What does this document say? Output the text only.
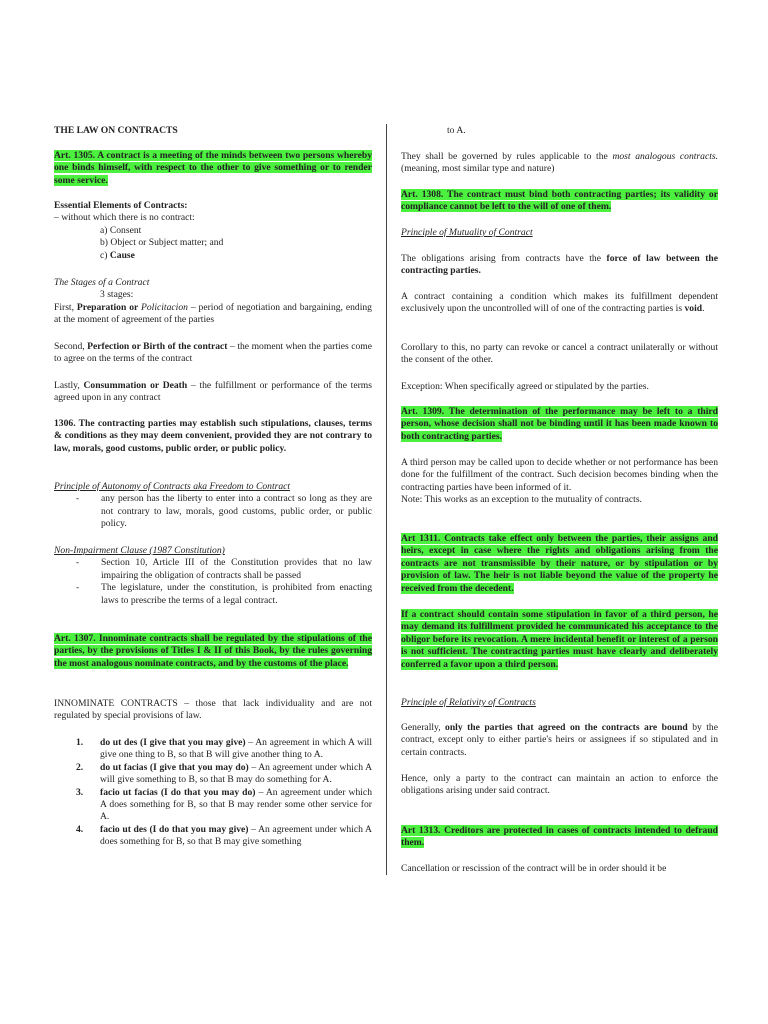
THE LAW ON CONTRACTS
Art. 1305. A contract is a meeting of the minds between two persons whereby one binds himself, with respect to the other to give something or to render some service.
Essential Elements of Contracts:
– without which there is no contract:
a) Consent
b) Object or Subject matter; and
c) Cause
The Stages of a Contract
3 stages:
First, Preparation or Policitacion – period of negotiation and bargaining, ending at the moment of agreement of the parties
Second, Perfection or Birth of the contract – the moment when the parties come to agree on the terms of the contract
Lastly, Consummation or Death – the fulfillment or performance of the terms agreed upon in any contract
1306. The contracting parties may establish such stipulations, clauses, terms & conditions as they may deem convenient, provided they are not contrary to law, morals, good customs, public order, or public policy.
Principle of Autonomy of Contracts aka Freedom to Contract
-	any person has the liberty to enter into a contract so long as they are not contrary to law, morals, good customs, public order, or public policy.
Non-Impairment Clause (1987 Constitution)
-	Section 10, Article III of the Constitution provides that no law impairing the obligation of contracts shall be passed
-	The legislature, under the constitution, is prohibited from enacting laws to prescribe the terms of a legal contract.
Art. 1307. Innominate contracts shall be regulated by the stipulations of the parties, by the provisions of Titles I & II of this Book, by the rules governing the most analogous nominate contracts, and by the customs of the place.
INNOMINATE CONTRACTS – those that lack individuality and are not regulated by special provisions of law.
1.	do ut des (I give that you may give) – An agreement in which A will give one thing to B, so that B will give another thing to A.
2.	do ut facias (I give that you may do) – An agreement under which A will give something to B, so that B may do something for A.
3.	facio ut facias (I do that you may do) – An agreement under which A does something for B, so that B may render some other service for A.
4.	facio ut des (I do that you may give) – An agreement under which A does something for B, so that B may give something
to A.
They shall be governed by rules applicable to the most analogous contracts. (meaning, most similar type and nature)
Art. 1308. The contract must bind both contracting parties; its validity or compliance cannot be left to the will of one of them.
Principle of Mutuality of Contract
The obligations arising from contracts have the force of law between the contracting parties.
A contract containing a condition which makes its fulfillment dependent exclusively upon the uncontrolled will of one of the contracting parties is void.
Corollary to this, no party can revoke or cancel a contract unilaterally or without the consent of the other.
Exception: When specifically agreed or stipulated by the parties.
Art. 1309. The determination of the performance may be left to a third person, whose decision shall not be binding until it has been made known to both contracting parties.
A third person may be called upon to decide whether or not performance has been done for the fulfillment of the contract. Such decision becomes binding when the contracting parties have been informed of it.
Note: This works as an exception to the mutuality of contracts.
Art 1311. Contracts take effect only between the parties, their assigns and heirs, except in case where the rights and obligations arising from the contracts are not transmissible by their nature, or by stipulation or by provision of law. The heir is not liable beyond the value of the property he received from the decedent.
If a contract should contain some stipulation in favor of a third person, he may demand its fulfillment provided he communicated his acceptance to the obligor before its revocation. A mere incidental benefit or interest of a person is not sufficient. The contracting parties must have clearly and deliberately conferred a favor upon a third person.
Principle of Relativity of Contracts
Generally, only the parties that agreed on the contracts are bound by the contract, except only to either partie's heirs or assignees if so stipulated and in certain contracts.
Hence, only a party to the contract can maintain an action to enforce the obligations arising under said contract.
Art 1313. Creditors are protected in cases of contracts intended to defraud them.
Cancellation or rescission of the contract will be in order should it be
